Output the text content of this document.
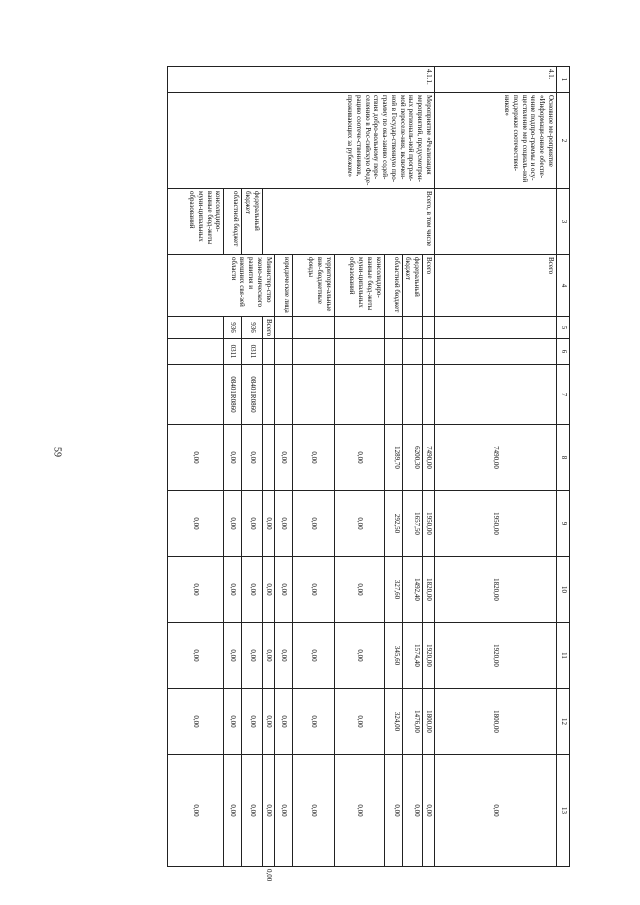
59
1	2	3	4	5	6	7	8	9	10	11	12	13	
4.1.	Основное ме-роприятие «Информаци-онное обеспе-чение подпро-граммы и осу-ществление мер социаль-ной поддержки соотечествен-ников»		Всего				7490,00	1950,00	1820,00	1920,00	1800,00	0,00	
4.1.1.	Мероприятие «Реализация мероприятий, предусмотрен-ных региональ-ной програм-мой переселе-ния, включен-ной в Государ-ственную про-грамму по ока-занию содей-ствия добро-вольному пере-селению в Рос-сийскую Феде-рацию соотече-ственников, проживающих за рубежом»	Всего, в том числе	Всего				7490,00	1950,00	1820,00	1920,00	1800,00	0,00	
			федеральный бюджет				6200,30	1657,50	1492,40	1574,40	1476,00	0,00	
			областной бюджет				1289,70	292,50	327,60	345,60	324,00	0,00	
			консолидиро-ванные бюд-жеты муни-ципальных образований				0,00	0,00	0,00	0,00	0,00	0,00	
			территори-альные вне-бюджетные фонды				0,00	0,00	0,00	0,00	0,00	0,00	
			юридические лица				0,00	0,00	0,00	0,00	0,00	0,00	
			Министер-ство эконо-мического развития и внешних свя-зей области	Всего				0,00	0,00	0,00	0,00	0,00	0,00
		федеральный бюджет		936	0311	08401R0860	0,00	0,00	0,00	0,00	0,00	0,00	
		областной бюджет		936	0311	08401R0860	0,00	0,00	0,00	0,00	0,00	0,00	
		консолидиро-ванные бюд-жеты муни-ципальных образований					0,00	0,00	0,00	0,00	0,00	0,00	
